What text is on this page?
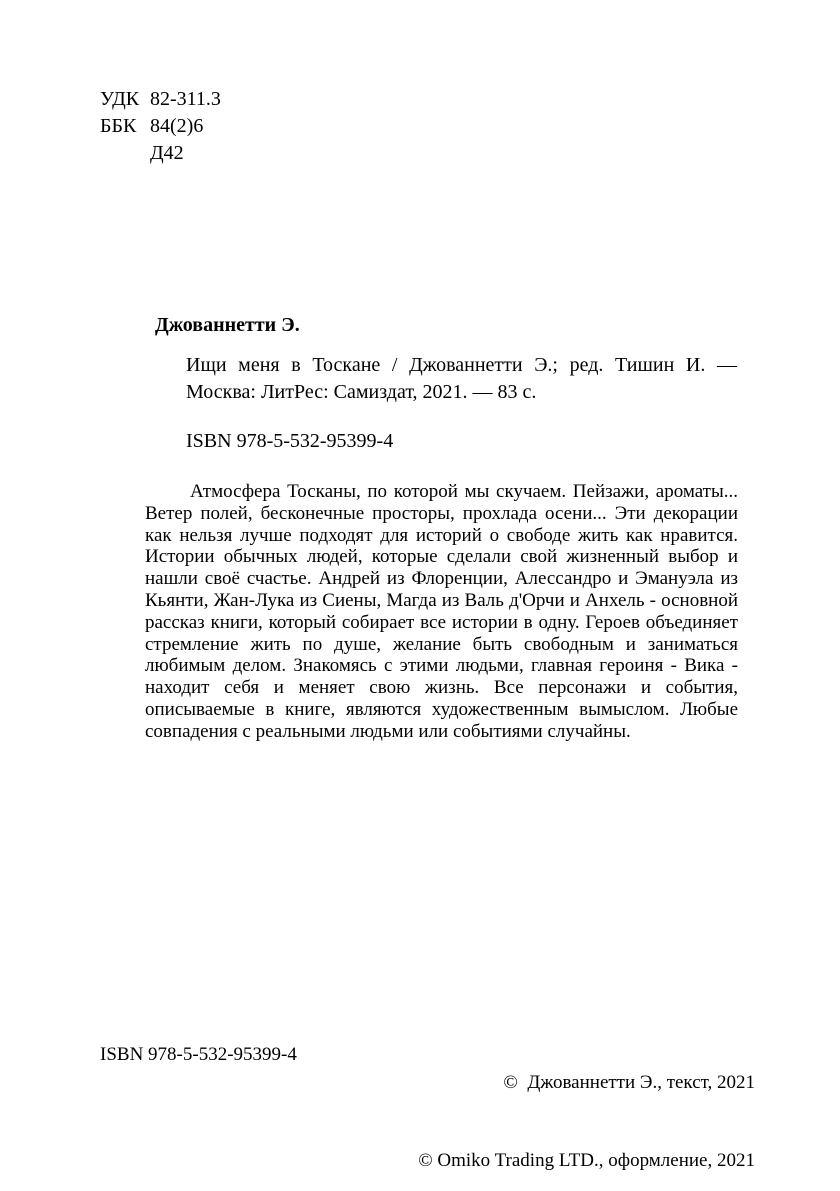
УДК 82-311.3
ББК 84(2)6
Д42
Джованнетти Э.
Ищи меня в Тоскане / Джованнетти Э.; ред. Тишин И. —
Москва: ЛитРес: Самиздат, 2021. — 83 с.
ISBN 978-5-532-95399-4
Атмосфера Тосканы, по которой мы скучаем. Пейзажи, ароматы... Ветер полей, бесконечные просторы, прохлада осени... Эти декорации как нельзя лучше подходят для историй о свободе жить как нравится. Истории обычных людей, которые сделали свой жизненный выбор и нашли своё счастье. Андрей из Флоренции, Алессандро и Эмануэла из Кьянти, Жан-Лука из Сиены, Магда из Валь д'Орчи и Анхель - основной рассказ книги, который собирает все истории в одну. Героев объединяет стремление жить по душе, желание быть свободным и заниматься любимым делом. Знакомясь с этими людьми, главная героиня - Вика - находит себя и меняет свою жизнь. Все персонажи и события, описываемые в книге, являются художественным вымыслом. Любые совпадения с реальными людьми или событиями случайны.

©  Джованнетти Э., текст, 2021

© Omiko Trading LTD., оформление, 2021

ISBN 978-5-532-95399-4
